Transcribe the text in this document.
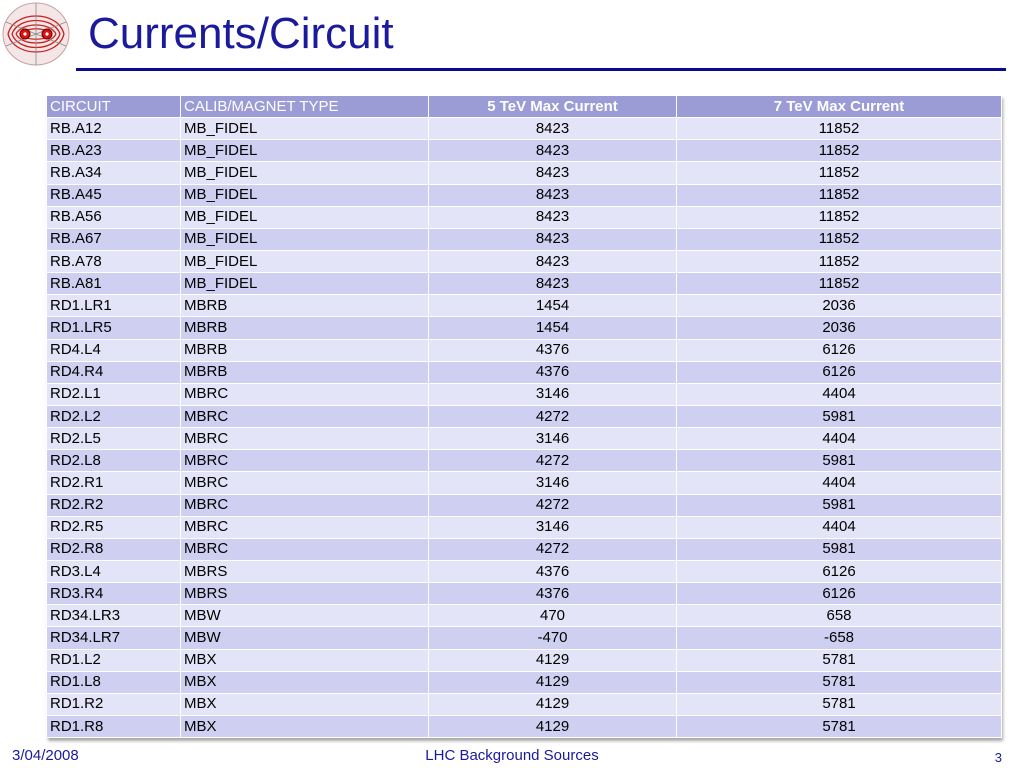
Currents/Circuit
CIRCUIT	CALIB/MAGNET TYPE	5 TeV Max Current	7 TeV Max Current
RB.A12	MB_FIDEL	8423	11852
RB.A23	MB_FIDEL	8423	11852
RB.A34	MB_FIDEL	8423	11852
RB.A45	MB_FIDEL	8423	11852
RB.A56	MB_FIDEL	8423	11852
RB.A67	MB_FIDEL	8423	11852
RB.A78	MB_FIDEL	8423	11852
RB.A81	MB_FIDEL	8423	11852
RD1.LR1	MBRB	1454	2036
RD1.LR5	MBRB	1454	2036
RD4.L4	MBRB	4376	6126
RD4.R4	MBRB	4376	6126
RD2.L1	MBRC	3146	4404
RD2.L2	MBRC	4272	5981
RD2.L5	MBRC	3146	4404
RD2.L8	MBRC	4272	5981
RD2.R1	MBRC	3146	4404
RD2.R2	MBRC	4272	5981
RD2.R5	MBRC	3146	4404
RD2.R8	MBRC	4272	5981
RD3.L4	MBRS	4376	6126
RD3.R4	MBRS	4376	6126
RD34.LR3	MBW	470	658
RD34.LR7	MBW	-470	-658
RD1.L2	MBX	4129	5781
RD1.L8	MBX	4129	5781
RD1.R2	MBX	4129	5781
RD1.R8	MBX	4129	5781
3/04/2008	LHC Background Sources	3
